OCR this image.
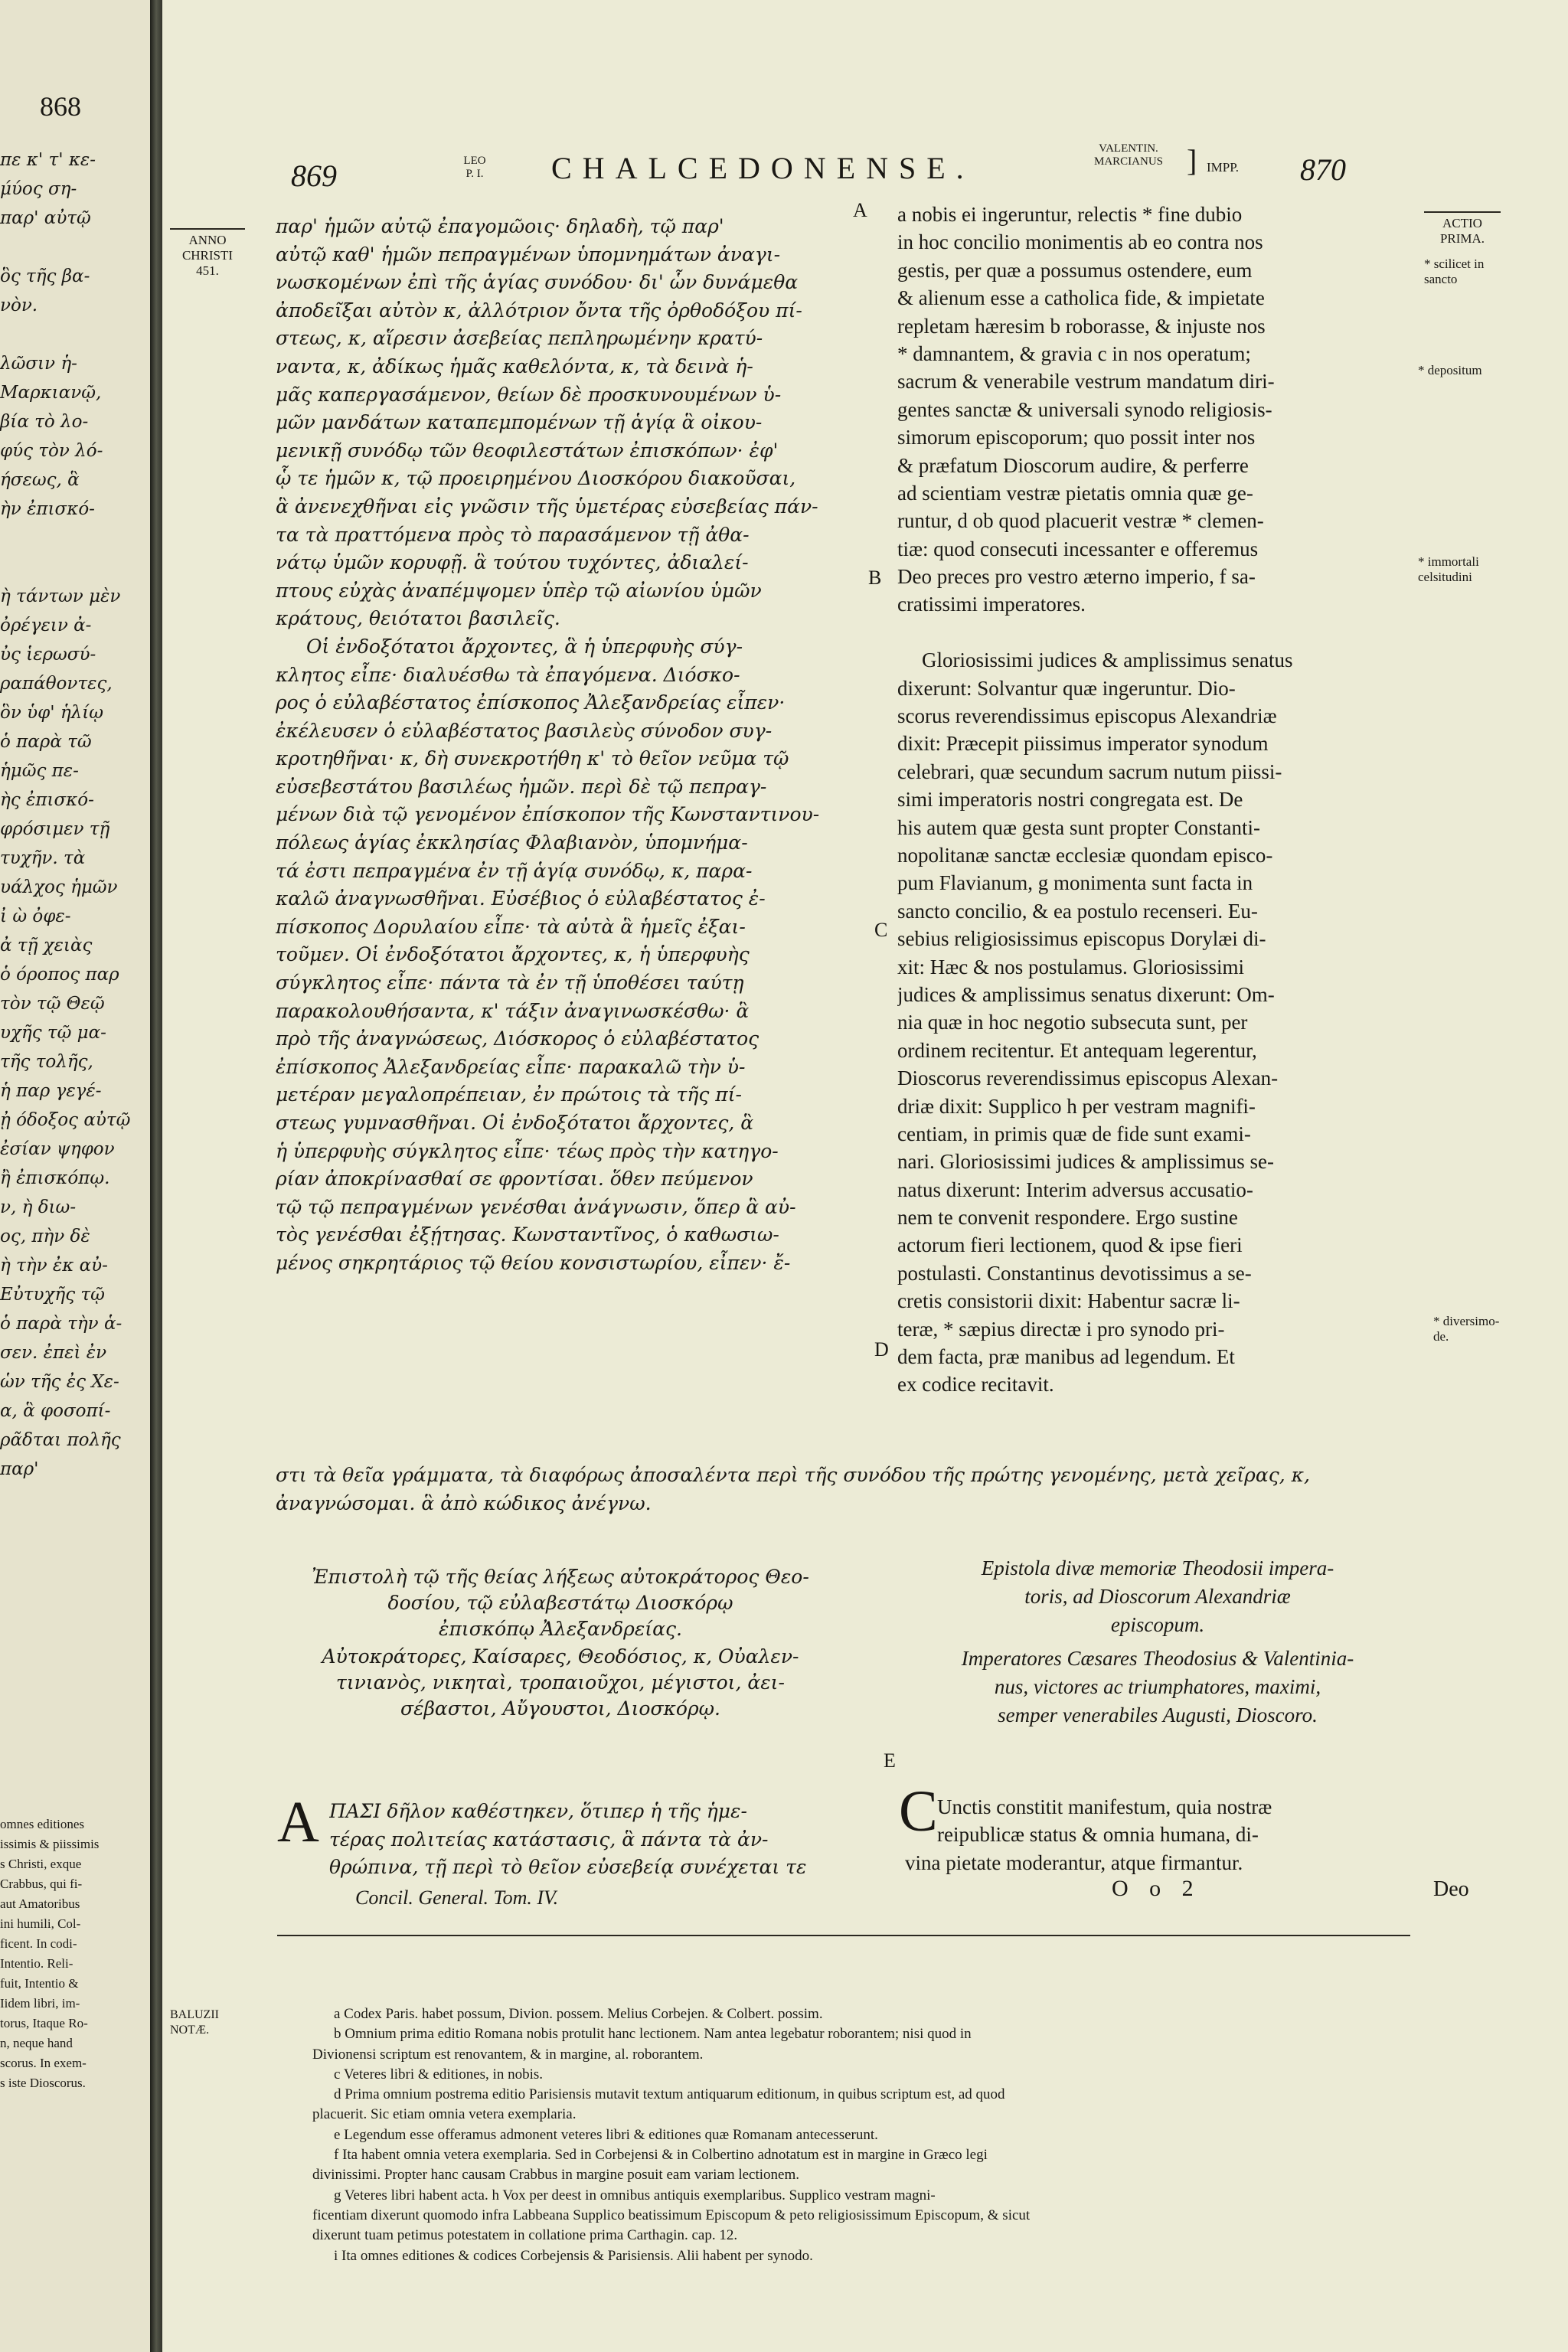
868
πε κ' τ' κε-
μ́ύος ση-
παρ' αὐτῷ
ὃς τῆς βα-
νὸν.
λῶσιν ἡ-
Μαρκιανῷ,
βία τὸ λο-
φύς τὸν λό-
ήσεως, ἃ
ὴν ἐπισκό-
ὴ τάντων μὲν
ὀρέγειν ἀ-
ὐς ἱερωσύ-
ραπάθοντες,
ὃν ὑφ' ἡλίῳ
ὁ παρὰ τῶ
ἡμῶς πε-
ὴς ἐπισκό-
φρόσιμεν τῇ
τυχῆν. τὰ
υάλχος ἡμῶν
ἰ ὼ ὀφε-
ἀ τῇ χειὰς
ὁ όροπος παρ
τὸν τῷ Θεῷ
υχῆς τῷ μα-
τῆς τολῆς,
ἡ παρ γεγέ-
ᾐ όδοξος αὐτῷ
ἐσίαν ψηφον
ἢ ἐπισκόπῳ.
ν, ὴ διω-
ος, πὴν δὲ
ὴ τὴν ἐκ αὐ-
Εὐτυχῆς τῷ
ὁ παρὰ τὴν ἁ-
σεν. ἐπεὶ ἐν
ὡν τῆς ἐς Χε-
α, ἃ φοσοπί-
ρᾶδται πολῆς
παρ'
omnes editiones
issimis & piissimis
s Christi, exque
Crabbus, qui fi-
aut Amatoribus
ini humili, Col-
ficent. In codi-
Intentio. Reli-
fuit, Intentio &
Iidem libri, im-
torus, Itaque Ro-
n, neque hand
scorus. In exem-
s iste Dioscorus.
869	LEO
P. I.	CHALCEDONENSE.
VALENTIN.
MARCIANUS ] IMPP. 870
ANNO
CHRISTI
451.
ACTIO
PRIMA.
παρ' ἡμῶν αὐτῷ ἐπαγομῶοις· δηλαδὴ, τῷ παρ'
αὐτῷ καθ' ἡμῶν πεπραγμένων ὑπομνημάτων ἀναγι-
νωσκομένων ἐπὶ τῆς ἁγίας συνόδου· δι' ὧν δυνάμεθα
ἀποδεῖξαι αὐτὸν κ, ἀλλότριον ὄντα τῆς ὀρθοδόξου πί-
στεως, κ, αἵρεσιν ἀσεβείας πεπληρωμένην κρατύ-
ναντα, κ, ἀδίκως ἡμᾶς καθελόντα, κ, τὰ δεινὰ ἡ-
μᾶς καπεργασάμενον, θείων δὲ προσκυνουμένων ὑ-
μῶν μανδάτων καταπεμπομένων τῇ ἁγίᾳ ἃ οἰκου-
μενικῇ συνόδῳ τῶν θεοφιλεστάτων ἐπισκόπων· ἐφ'
ᾧ τε ἡμῶν κ, τῷ προειρημένου Διοσκόρου διακοῦσαι,
ἃ ἀνενεχθῆναι εἰς γνῶσιν τῆς ὑμετέρας εὐσεβείας πάν-
τα τὰ πραττόμενα πρὸς τὸ παρασάμενον τῇ ἀθα-
νάτῳ ὑμῶν κορυφῇ. ἃ τούτου τυχόντες, ἀδιαλεί-
πτους εὐχὰς ἀναπέμψομεν ὑπὲρ τῷ αἰωνίου ὑμῶν
κράτους, θειότατοι βασιλεῖς.
Οἱ ἐνδοξότατοι ἄρχοντες, ἃ ἡ ὑπερφυὴς σύγ-
κλητος εἶπε· διαλυέσθω τὰ ἐπαγόμενα. Διόσκο-
ρος ὁ εὐλαβέστατος ἐπίσκοπος Ἀλεξανδρείας εἶπεν·
ἐκέλευσεν ὁ εὐλαβέστατος βασιλεὺς σύνοδον συγ-
κροτηθῆναι· κ, δὴ συνεκροτήθη κ' τὸ θεῖον νεῦμα τῷ
εὐσεβεστάτου βασιλέως ἡμῶν. περὶ δὲ τῷ πεπραγ-
μένων διὰ τῷ γενομένον ἐπίσκοπον τῆς Κωνσταντινου-
πόλεως ἁγίας ἐκκλησίας Φλαβιανὸν, ὑπομνήμα-
τά ἐστι πεπραγμένα ἐν τῇ ἁγίᾳ συνόδῳ, κ, παρα-
καλῶ ἀναγνωσθῆναι. Εὐσέβιος ὁ εὐλαβέστατος ἐ-
πίσκοπος Δορυλαίου εἶπε· τὰ αὐτὰ ἃ ἡμεῖς ἐξαι-
τοῦμεν. Οἱ ἐνδοξότατοι ἄρχοντες, κ, ἡ ὑπερφυὴς
σύγκλητος εἶπε· πάντα τὰ ἐν τῇ ὑποθέσει ταύτῃ
παρακολουθήσαντα, κ' τάξιν ἀναγινωσκέσθω· ἃ
πρὸ τῆς ἀναγνώσεως, Διόσκορος ὁ εὐλαβέστατος
ἐπίσκοπος Ἀλεξανδρείας εἶπε· παρακαλῶ τὴν ὑ-
μετέραν μεγαλοπρέπειαν, ἐν πρώτοις τὰ τῆς πί-
στεως γυμνασθῆναι. Οἱ ἐνδοξότατοι ἄρχοντες, ἃ
ἡ ὑπερφυὴς σύγκλητος εἶπε· τέως πρὸς τὴν κατηγο-
ρίαν ἀποκρίνασθαί σε φροντίσαι. ὅθεν πεύμενον
τῷ τῷ πεπραγμένων γενέσθαι ἀνάγνωσιν, ὅπερ ἃ αὐ-
τὸς γενέσθαι ἐξῄτησας. Κωνσταντῖνος, ὁ καθωσιω-
μένος σηκρητάριος τῷ θείου κονσιστωρίου, εἶπεν· ἔ-
στι τὰ θεῖα γράμματα, τὰ διαφόρως ἀποσαλέντα περὶ τῆς συνόδου τῆς πρώτης γενομένης, μετὰ χεῖρας, κ,
ἀναγνώσομαι. ἃ ἀπὸ κώδικος ἀνέγνω.
A
B
C
D
E
a nobis ei ingeruntur, relectis * fine dubio
in hoc concilio monimentis ab eo contra nos
gestis, per quæ a possumus ostendere, eum
& alienum esse a catholica fide, & impietate
repletam hæresim b roborasse, & injuste nos
* damnantem, & gravia c in nos operatum;
sacrum & venerabile vestrum mandatum diri-
gentes sanctæ & universali synodo religiosis-
simorum episcoporum; quo possit inter nos
& præfatum Dioscorum audire, & perferre
ad scientiam vestræ pietatis omnia quæ ge-
runtur, d ob quod placuerit vestræ * clemen-
tiæ: quod consecuti incessanter e offeremus
Deo preces pro vestro æterno imperio, f sa-
cratissimi imperatores.
Gloriosissimi judices & amplissimus senatus
dixerunt: Solvantur quæ ingeruntur. Dio-
scorus reverendissimus episcopus Alexandriæ
dixit: Præcepit piissimus imperator synodum
celebrari, quæ secundum sacrum nutum piissi-
simi imperatoris nostri congregata est. De
his autem quæ gesta sunt propter Constanti-
nopolitanæ sanctæ ecclesiæ quondam episco-
pum Flavianum, g monimenta sunt facta in
sancto concilio, & ea postulo recenseri. Eu-
sebius religiosissimus episcopus Dorylæi di-
xit: Hæc & nos postulamus. Gloriosissimi
judices & amplissimus senatus dixerunt: Om-
nia quæ in hoc negotio subsecuta sunt, per
ordinem recitentur. Et antequam legerentur,
Dioscorus reverendissimus episcopus Alexan-
driæ dixit: Supplico h per vestram magnifi-
centiam, in primis quæ de fide sunt exami-
nari. Gloriosissimi judices & amplissimus se-
natus dixerunt: Interim adversus accusatio-
nem te convenit respondere. Ergo sustine
actorum fieri lectionem, quod & ipse fieri
postulasti. Constantinus devotissimus a se-
cretis consistorii dixit: Habentur sacræ li-
teræ, * sæpius directæ i pro synodo pri-
dem facta, præ manibus ad legendum. Et
ex codice recitavit.
* scilicet in
sancto
* depositum
* immortali
celsitudini
* diversimo-
de.
Ἐπιστολὴ τῷ τῆς θείας λήξεως αὐτοκράτορος Θεο-
δοσίου, τῷ εὐλαβεστάτῳ Διοσκόρῳ
ἐπισκόπῳ Ἀλεξανδρείας.
Αὐτοκράτορες, Καίσαρες, Θεοδόσιος, κ, Οὐαλεν-
τινιανὸς, νικηταὶ, τροπαιοῦχοι, μέγιστοι, ἀει-
σέβαστοι, Αὔγουστοι, Διοσκόρῳ.
Epistola divæ memoriæ Theodosii impera-
toris, ad Dioscorum Alexandriæ
episcopum.
Imperatores Cæsares Theodosius & Valentinia-
nus, victores ac triumphatores, maximi,
semper venerabiles Augusti, Dioscoro.
Α ΠΑΣΙ δῆλον καθέστηκεν, ὅτιπερ ἡ τῆς ἡμε-
τέρας πολιτείας κατάστασις, ἃ πάντα τὰ ἀν-
θρώπινα, τῇ περὶ τὸ θεῖον εὐσεβείᾳ συνέχεται τε
Concil. General. Tom. IV.
C Unctis constitit manifestum, quia nostræ
reipublicæ status & omnia humana, di-
vina pietate moderantur, atque firmantur.
O o 2	Deo
BALUZII
NOTÆ.
a Codex Paris. habet possum, Divion. possem. Melius Corbejen. & Colbert. possim.
b Omnium prima editio Romana nobis protulit hanc lectionem. Nam antea legebatur roborantem; nisi quod in
Divionensi scriptum est renovantem, & in margine, al. roborantem.
c Veteres libri & editiones, in nobis.
d Prima omnium postrema editio Parisiensis mutavit textum antiquarum editionum, in quibus scriptum est, ad quod
placuerit. Sic etiam omnia vetera exemplaria.
e Legendum esse offeramus admonent veteres libri & editiones quæ Romanam antecesserunt.
f Ita habent omnia vetera exemplaria. Sed in Corbejensi & in Colbertino adnotatum est in margine in Græco legi
divinissimi. Propter hanc causam Crabbus in margine posuit eam variam lectionem.
g Veteres libri habent acta. h Vox per deest in omnibus antiquis exemplaribus. Supplico vestram magni-
ficentiam dixerunt quomodo infra Labbeana Supplico beatissimum Episcopum & peto religiosissimum Episcopum, & sicut
dixerunt tuam petimus potestatem in collatione prima Carthagin. cap. 12.
i Ita omnes editiones & codices Corbejensis & Parisiensis. Alii habent per synodo.
